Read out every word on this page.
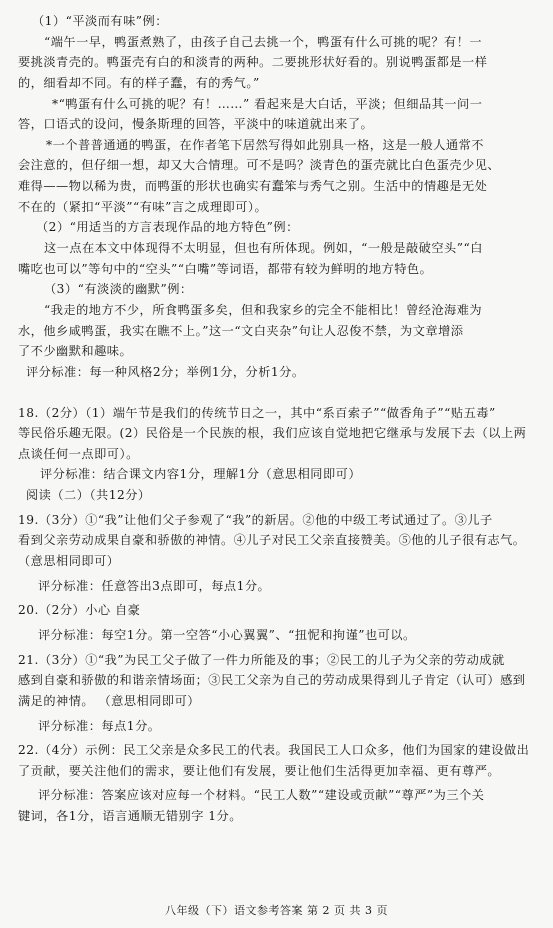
（1）“平淡而有味”例：
“端午一早，鸭蛋煮熟了，由孩子自己去挑一个，鸭蛋有什么可挑的呢？有！一
要挑淡青壳的。鸭蛋壳有白的和淡青的两种。二要挑形状好看的。别说鸭蛋都是一样
的，细看却不同。有的样子蠢，有的秀气。”
*“鸭蛋有什么可挑的呢？有！……” 看起来是大白话，平淡；但细品其一问一
答，口语式的设问，慢条斯理的回答，平淡中的味道就出来了。
*一个普普通通的鸭蛋，在作者笔下居然写得如此别具一格，这是一般人通常不
会注意的，但仔细一想，却又大合情理。可不是吗？淡青色的蛋壳就比白色蛋壳少见、
难得——物以稀为贵，而鸭蛋的形状也确实有蠢笨与秀气之别。生活中的情趣是无处
不在的（紧扣“平淡”“有味”言之成理即可）。
（2）“用适当的方言表现作品的地方特色”例：
这一点在本文中体现得不太明显，但也有所体现。例如，“一般是敲破空头”“白
嘴吃也可以”等句中的“空头”“白嘴”等词语，都带有较为鲜明的地方特色。
（3）“有淡淡的幽默”例：
“我走的地方不少，所食鸭蛋多矣，但和我家乡的完全不能相比！曾经沧海难为
水，他乡咸鸭蛋，我实在瞧不上。”这一“文白夹杂”句让人忍俊不禁，为文章增添
了不少幽默和趣味。
评分标准：每一种风格2分；举例1分，分析1分。
18.（2分）（1）端午节是我们的传统节日之一，其中“系百索子”“做香角子”“贴五毒”
等民俗乐趣无限。(2）民俗是一个民族的根，我们应该自觉地把它继承与发展下去（以上两
点谈任何一点即可）。
评分标准：结合课文内容1分，理解1分（意思相同即可）
阅读（二）（共12分）
19.（3分）①“我”让他们父子参观了“我”的新居。②他的中级工考试通过了。③儿子
看到父亲劳动成果自豪和骄傲的神情。④儿子对民工父亲直接赞美。⑤他的儿子很有志气。
（意思相同即可）
评分标准：任意答出3点即可，每点1分。
20.（2分）小心 自豪
评分标准：每空1分。第一空答“小心翼翼”、“扭怩和拘谨”也可以。
21.（3分）①“我”为民工父子做了一件力所能及的事；②民工的儿子为父亲的劳动成就
感到自豪和骄傲的和谐亲情场面；③民工父亲为自己的劳动成果得到儿子肯定（认可）感到
满足的神情。 （意思相同即可）
评分标准：每点1分。
22.（4分）示例：民工父亲是众多民工的代表。我国民工人口众多，他们为国家的建设做出
了贡献，要关注他们的需求，要让他们有发展，要让他们生活得更加幸福、更有尊严。
评分标准：答案应该对应每一个材料。“民工人数”“建设或贡献”“尊严”为三个关
键词，各1分，语言通顺无错别字 1分。
八年级（下）语文参考答案 第 2 页 共 3 页
